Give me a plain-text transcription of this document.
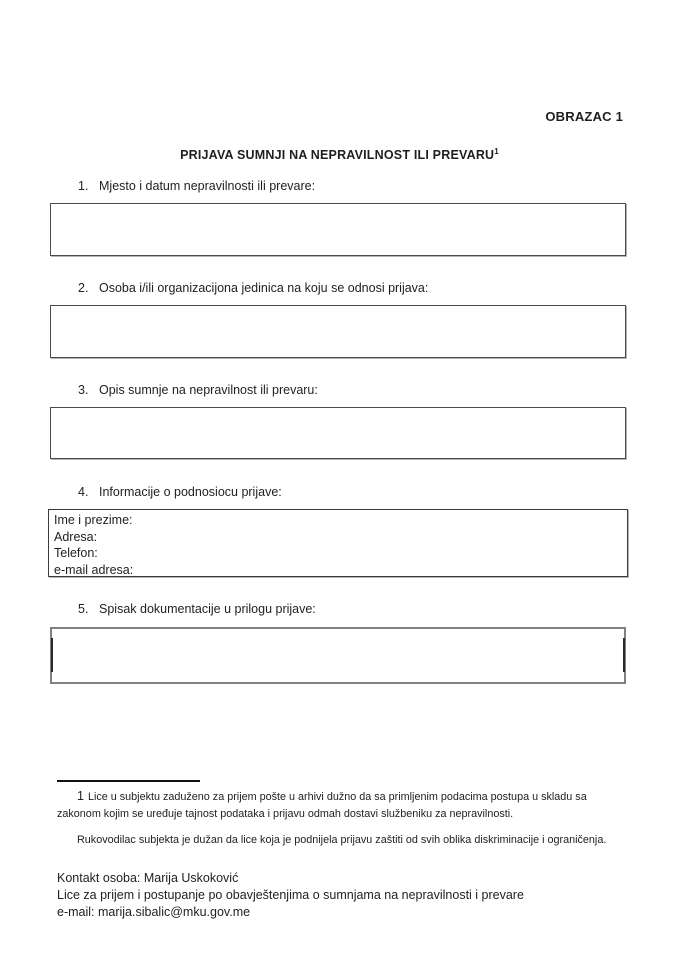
OBRAZAC 1
PRIJAVA SUMNJI NA NEPRAVILNOST ILI PREVARU$^1$
1. Mjesto i datum nepravilnosti ili prevare:
2. Osoba i/ili organizacijona jedinica na koju se odnosi prijava:
3. Opis sumnje na nepravilnost ili prevaru:
4. Informacije o podnosiocu prijave:
Ime i prezime:
Adresa:
Telefon:
e-mail adresa:
5. Spisak dokumentacije u prilogu prijave:
1 Lice u subjektu zaduženo za prijem pošte u arhivi dužno da sa primljenim podacima postupa u skladu sa zakonom kojim se uređuje tajnost podataka i prijavu odmah dostavi službeniku za nepravilnosti.
Rukovodilac subjekta je dužan da lice koja je podnijela prijavu zaštiti od svih oblika diskriminacije i ograničenja.
Kontakt osoba: Marija Uskoković
Lice za prijem i postupanje po obavještenjima o sumnjama na nepravilnosti i prevare
e-mail: marija.sibalic@mku.gov.me
